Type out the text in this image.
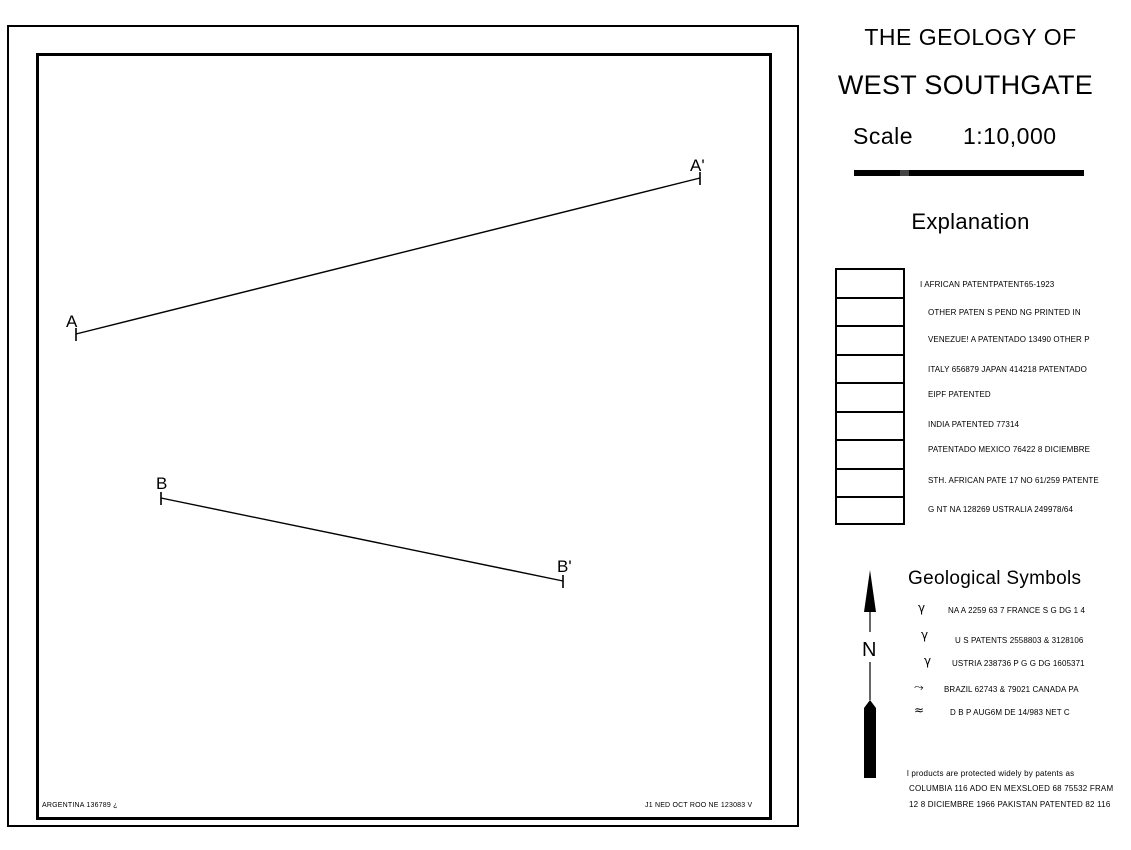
A
A'
B
B'
N
ARGENTINA 136789 ¿	J1 NED OCT ROO NE 123083 V
THE GEOLOGY OF
WEST SOUTHGATE
Scale 1:10,000
Explanation
I AFRICAN PATENTPATENT65-1923
OTHER PATEN S PEND NG PRINTED IN
VENEZUE! A PATENTADO 13490 OTHER P
ITALY 656879 JAPAN 414218 PATENTADO
EIPF PATENTED
INDIA PATENTED 77314
PATENTADO MEXICO 76422 8 DICIEMBRE
STH. AFRICAN PATE 17 NO 61/259 PATENTE
G NT NA 128269 USTRALIA 249978/64
Geological Symbols
γ	NA A 2259 63 7 FRANCE S G DG 1 4
γ	U S PATENTS 2558803 & 3128106
γ	USTRIA 238736 P G G DG 1605371
⤳	BRAZIL 62743 & 79021 CANADA PA
≈	D B P AUG6M DE 14/983 NET C
l products are protected widely by patents as
COLUMBIA 116 ADO EN MEXSLOED 68 75532 FRAM
12 8 DICIEMBRE 1966 PAKISTAN PATENTED 82 116
